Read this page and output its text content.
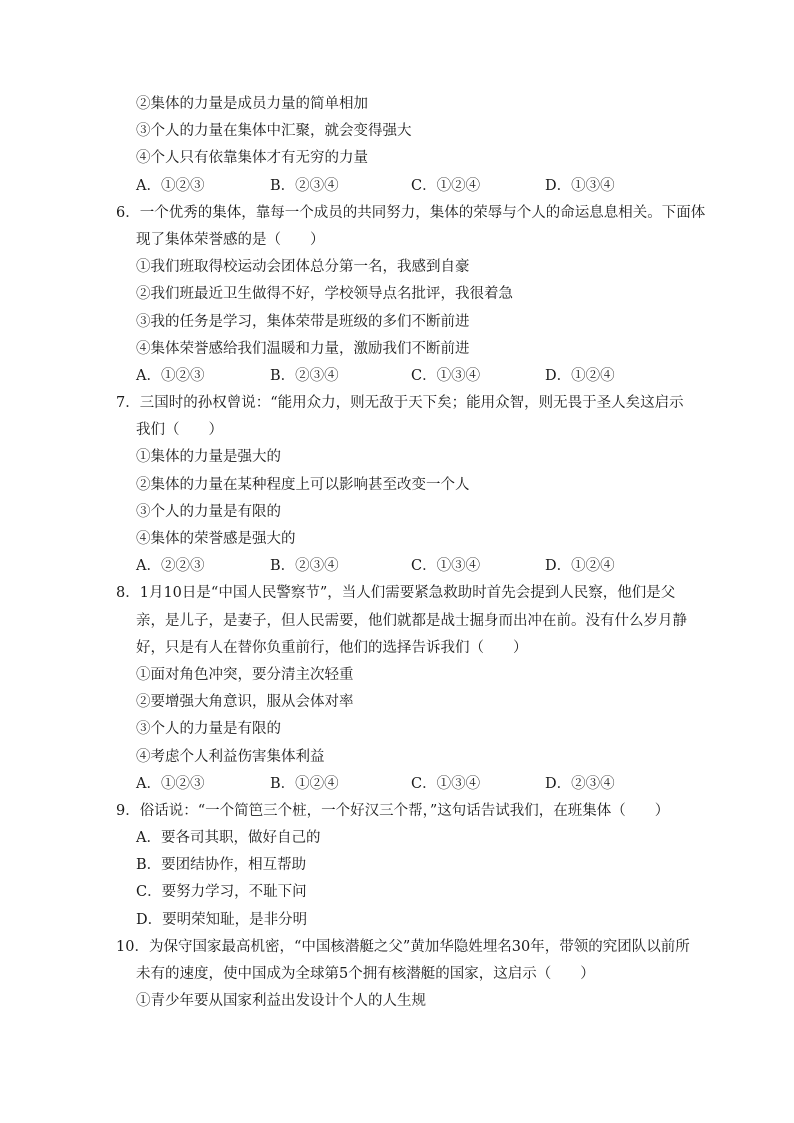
②集体的力量是成员力量的简单相加
③个人的力量在集体中汇聚，就会变得强大
④个人只有依靠集体才有无穷的力量
A．①②③	B．②③④	C．①②④	D．①③④
6．一个优秀的集体，靠每一个成员的共同努力，集体的荣辱与个人的命运息息相关。下面体
现了集体荣誉感的是（　　）
①我们班取得校运动会团体总分第一名，我感到自豪
②我们班最近卫生做得不好，学校领导点名批评，我很着急
③我的任务是学习，集体荣带是班级的多们不断前进
④集体荣誉感给我们温暖和力量，激励我们不断前进
A．①②③	B．②③④	C．①③④	D．①②④
7．三国时的孙权曾说：“能用众力，则无敌于天下矣；能用众智，则无畏于圣人矣这启示
我们（　　）
①集体的力量是强大的
②集体的力量在某种程度上可以影响甚至改变一个人
③个人的力量是有限的
④集体的荣誉感是强大的
A．②②③	B．②③④	C．①③④	D．①②④
8．1月10日是“中国人民警察节”，当人们需要紧急救助时首先会提到人民察，他们是父
亲，是儿子，是妻子，但人民需要，他们就都是战士掘身而出冲在前。没有什么岁月静
好，只是有人在替你负重前行，他们的选择告诉我们（　　）
①面对角色冲突，要分清主次轻重
②要增强大角意识，服从会体对率
③个人的力量是有限的
④考虑个人利益伤害集体利益
A．①②③	B．①②④	C．①③④	D．②③④
9．俗话说：“一个简笆三个桩，一个好汉三个帮，”这句话告试我们，在班集体（　　）
A．要各司其职，做好自己的
B．要团结协作，相互帮助
C．要努力学习，不耻下问
D．要明荣知耻，是非分明
10．为保守国家最高机密，“中国核潜艇之父”黄加华隐姓埋名30年，带领的究团队以前所
未有的速度，使中国成为全球第5个拥有核潜艇的国家，这启示（　　）
①青少年要从国家利益出发设计个人的人生规
